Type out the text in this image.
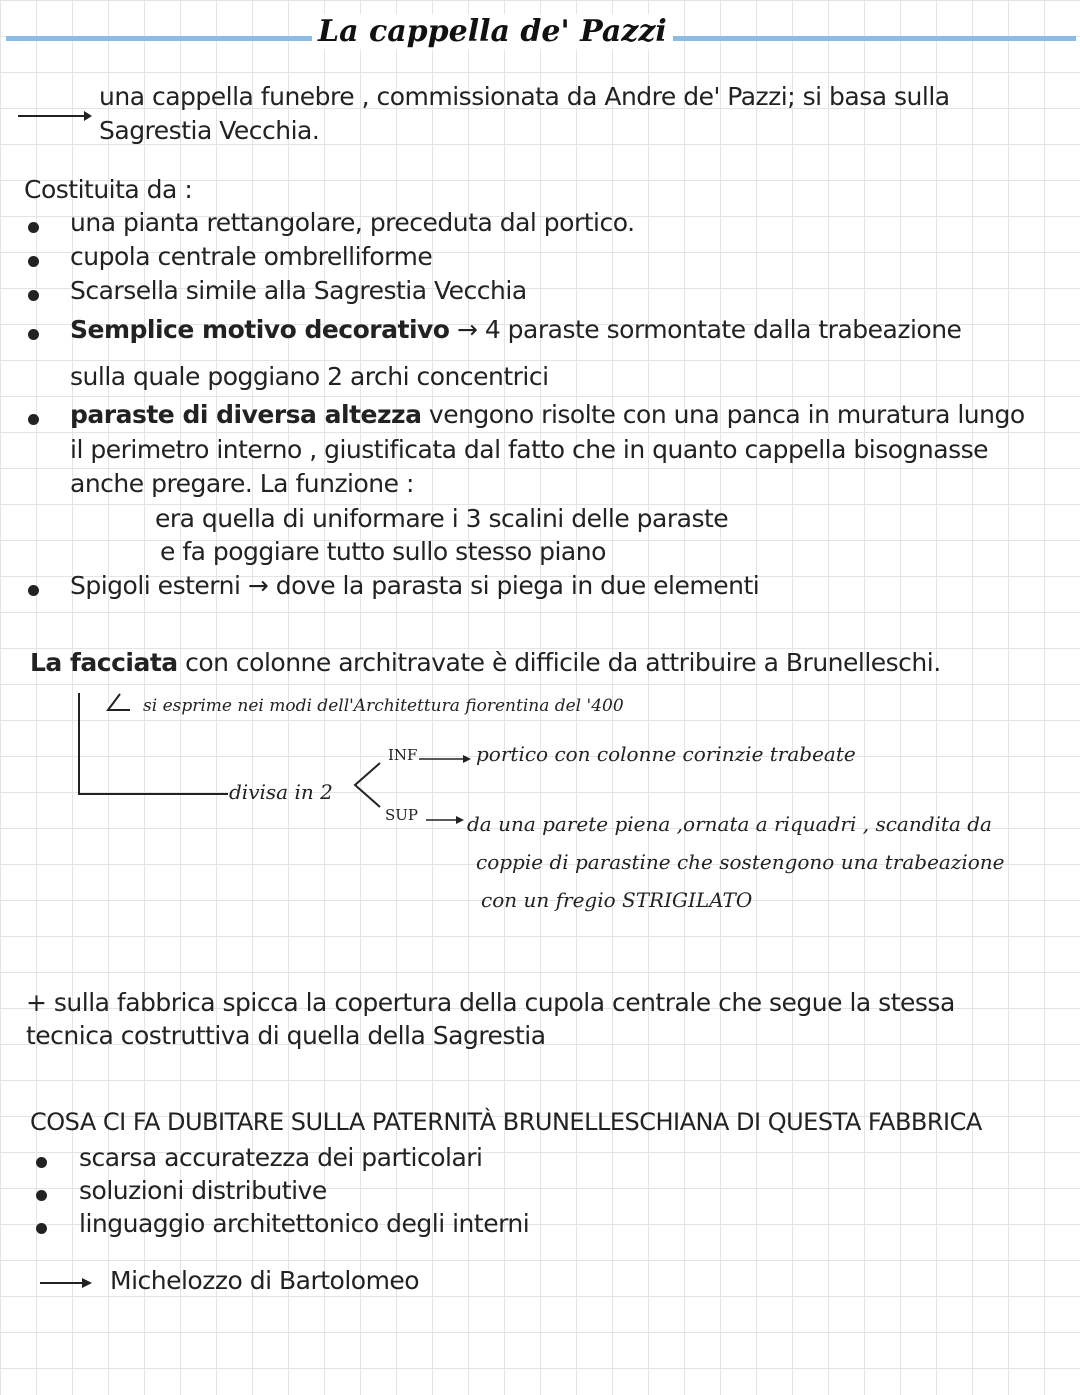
La cappella de' Pazzi
una cappella funebre , commissionata da Andre de' Pazzi; si basa sulla
Sagrestia Vecchia.
Costituita da :
una pianta rettangolare, preceduta dal portico.
cupola centrale ombrelliforme
Scarsella simile alla Sagrestia Vecchia
Semplice motivo decorativo → 4 paraste sormontate dalla trabeazione
sulla quale poggiano 2 archi concentrici
paraste di diversa altezza vengono risolte con una panca in muratura lungo
il perimetro interno , giustificata dal fatto che in quanto cappella bisognasse
anche pregare. La funzione :
era quella di uniformare i 3 scalini delle paraste
e fa poggiare tutto sullo stesso piano
Spigoli esterni → dove la parasta si piega in due elementi
La facciata con colonne architravate è difficile da attribuire a Brunelleschi.
si esprime nei modi dell'Architettura fiorentina del '400
divisa in 2
INF	portico con colonne corinzie trabeate
SUP da una parete piena ,ornata a riquadri , scandita da
coppie di parastine che sostengono una trabeazione
con un fregio STRIGILATO
+ sulla fabbrica spicca la copertura della cupola centrale che segue la stessa
tecnica costruttiva di quella della Sagrestia
COSA CI FA DUBITARE SULLA PATERNITÀ BRUNELLESCHIANA DI QUESTA FABBRICA
scarsa accuratezza dei particolari
soluzioni distributive
linguaggio architettonico degli interni
Michelozzo di Bartolomeo
